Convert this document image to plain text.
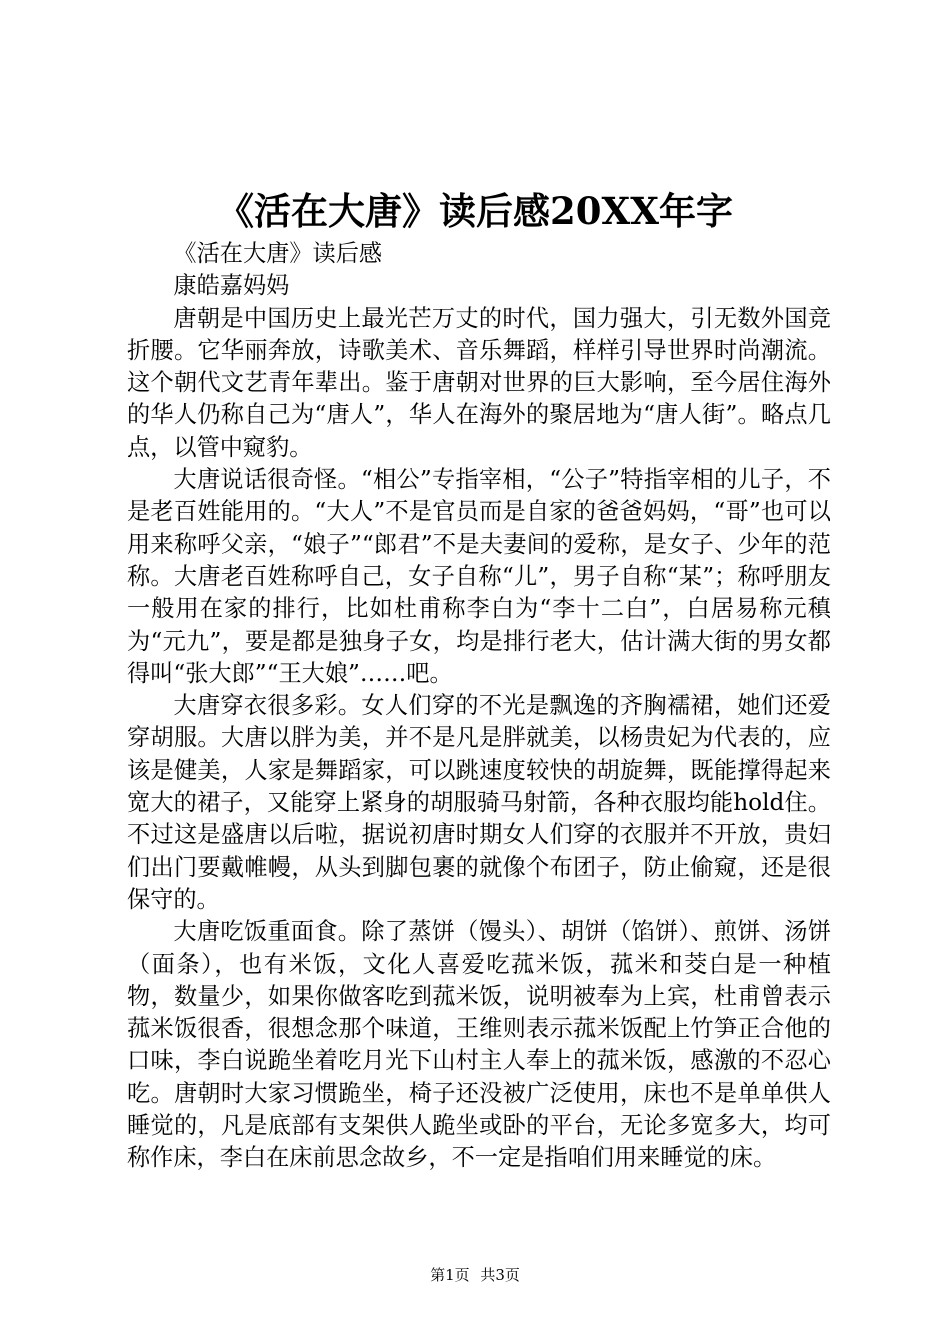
《活在大唐》读后感20XX年字

《活在大唐》读后感

康皓嘉妈妈

唐朝是中国历史上最光芒万丈的时代，国力强大，引无数外国竞折腰。它华丽奔放，诗歌美术、音乐舞蹈，样样引导世界时尚潮流。这个朝代文艺青年辈出。鉴于唐朝对世界的巨大影响，至今居住海外的华人仍称自己为“唐人”，华人在海外的聚居地为“唐人街”。略点几点，以管中窥豹。

大唐说话很奇怪。“相公”专指宰相，“公子”特指宰相的儿子，不是老百姓能用的。“大人”不是官员而是自家的爸爸妈妈，“哥”也可以用来称呼父亲，“娘子”“郎君”不是夫妻间的爱称，是女子、少年的范称。大唐老百姓称呼自己，女子自称“儿”，男子自称“某”；称呼朋友一般用在家的排行，比如杜甫称李白为“李十二白”，白居易称元稹为“元九”，要是都是独身子女，均是排行老大，估计满大街的男女都得叫“张大郎”“王大娘”……吧。

大唐穿衣很多彩。女人们穿的不光是飘逸的齐胸襦裙，她们还爱穿胡服。大唐以胖为美，并不是凡是胖就美，以杨贵妃为代表的，应该是健美，人家是舞蹈家，可以跳速度较快的胡旋舞，既能撑得起来宽大的裙子，又能穿上紧身的胡服骑马射箭，各种衣服均能hold住。不过这是盛唐以后啦，据说初唐时期女人们穿的衣服并不开放，贵妇们出门要戴帷幔，从头到脚包裹的就像个布团子，防止偷窥，还是很保守的。

大唐吃饭重面食。除了蒸饼（馒头）、胡饼（馅饼）、煎饼、汤饼（面条），也有米饭，文化人喜爱吃菰米饭，菰米和茭白是一种植物，数量少，如果你做客吃到菰米饭，说明被奉为上宾，杜甫曾表示菰米饭很香，很想念那个味道，王维则表示菰米饭配上竹笋正合他的口味，李白说跪坐着吃月光下山村主人奉上的菰米饭，感激的不忍心吃。唐朝时大家习惯跪坐，椅子还没被广泛使用，床也不是单单供人睡觉的，凡是底部有支架供人跪坐或卧的平台，无论多宽多大，均可称作床，李白在床前思念故乡，不一定是指咱们用来睡觉的床。

第1页 共3页
